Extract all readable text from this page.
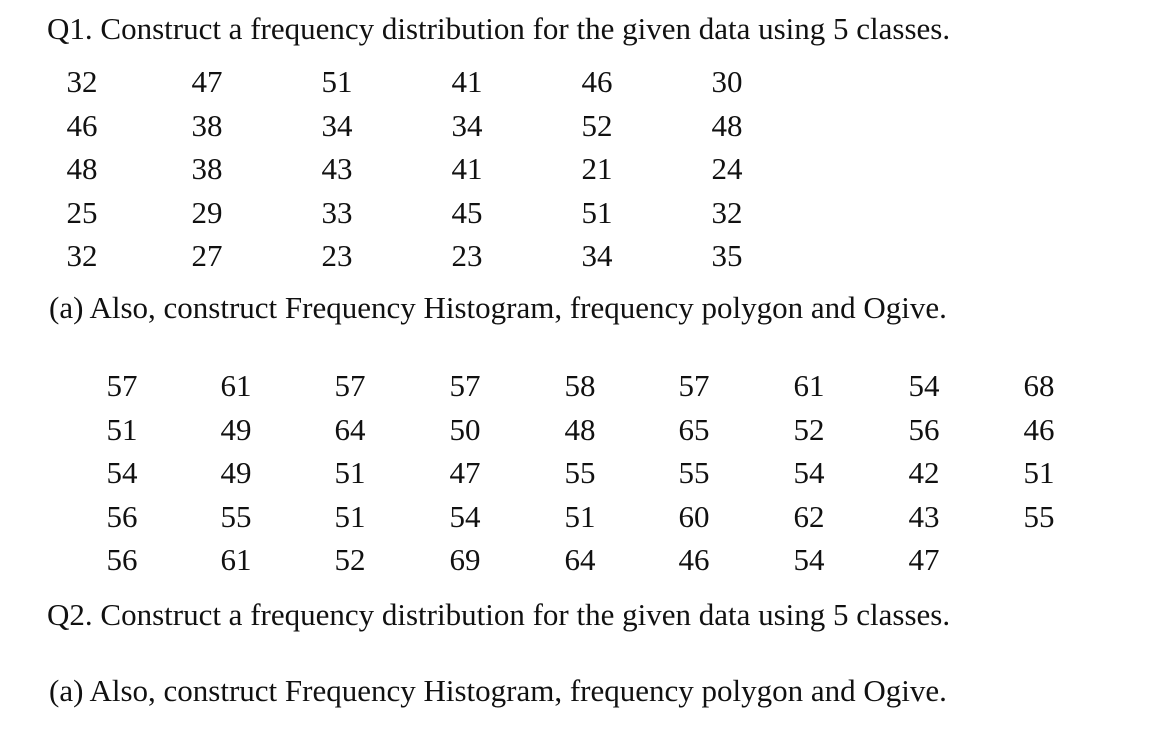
Q1. Construct a frequency distribution for the given data using 5 classes.
32	47	51	41	46	30
46	38	34	34	52	48
48	38	43	41	21	24
25	29	33	45	51	32
32	27	23	23	34	35
(a) Also, construct Frequency Histogram, frequency polygon and Ogive.
57	61	57	57	58	57	61	54	68
51	49	64	50	48	65	52	56	46
54	49	51	47	55	55	54	42	51
56	55	51	54	51	60	62	43	55
56	61	52	69	64	46	54	47
Q2. Construct a frequency distribution for the given data using 5 classes.
(a) Also, construct Frequency Histogram, frequency polygon and Ogive.
